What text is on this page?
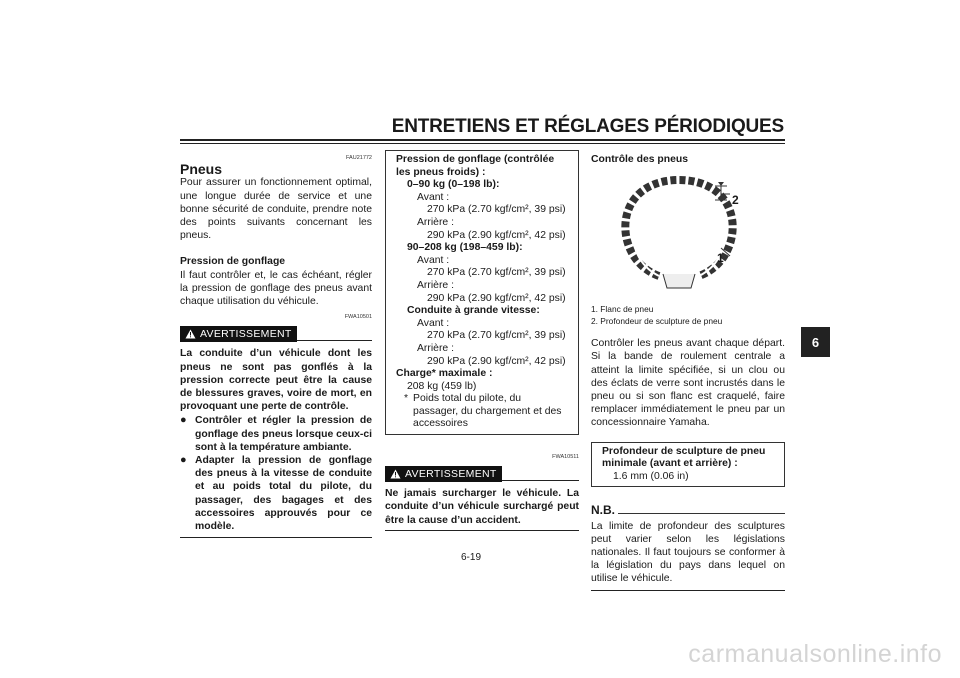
ENTRETIENS ET RÉGLAGES PÉRIODIQUES
6
FAU21772
Pneus
Pour assurer un fonctionnement optimal, une longue durée de service et une bonne sécurité de conduite, prendre note des points suivants concernant les pneus.
Pression de gonflage
Il faut contrôler et, le cas échéant, régler la pression de gonflage des pneus avant chaque utilisation du véhicule.
FWA10501
AVERTISSEMENT
La conduite d’un véhicule dont les pneus ne sont pas gonflés à la pression correcte peut être la cause de blessures graves, voire de mort, en provoquant une perte de contrôle.
● Contrôler et régler la pression de gonflage des pneus lorsque ceux-ci sont à la température ambiante.
● Adapter la pression de gonflage des pneus à la vitesse de conduite et au poids total du pilote, du passager, des bagages et des accessoires approuvés pour ce modèle.
Pression de gonflage (contrôlée les pneus froids) :
0–90 kg (0–198 lb):
Avant :
270 kPa (2.70 kgf/cm², 39 psi)
Arrière :
290 kPa (2.90 kgf/cm², 42 psi)
90–208 kg (198–459 lb):
Avant :
270 kPa (2.70 kgf/cm², 39 psi)
Arrière :
290 kPa (2.90 kgf/cm², 42 psi)
Conduite à grande vitesse:
Avant :
270 kPa (2.70 kgf/cm², 39 psi)
Arrière :
290 kPa (2.90 kgf/cm², 42 psi)
Charge* maximale :
208 kg (459 lb)
* Poids total du pilote, du passager, du chargement et des accessoires
FWA10511
AVERTISSEMENT
Ne jamais surcharger le véhicule. La conduite d’un véhicule surchargé peut être la cause d’un accident.
Contrôle des pneus
2
1
1. Flanc de pneu
2. Profondeur de sculpture de pneu
Contrôler les pneus avant chaque départ. Si la bande de roulement centrale a atteint la limite spécifiée, si un clou ou des éclats de verre sont incrustés dans le pneu ou si son flanc est craquelé, faire remplacer immédiatement le pneu par un concessionnaire Yamaha.
Profondeur de sculpture de pneu minimale (avant et arrière) :
1.6 mm (0.06 in)
N.B.
La limite de profondeur des sculptures peut varier selon les législations nationales. Il faut toujours se conformer à la législation du pays dans lequel on utilise le véhicule.
6-19
carmanualsonline.info
